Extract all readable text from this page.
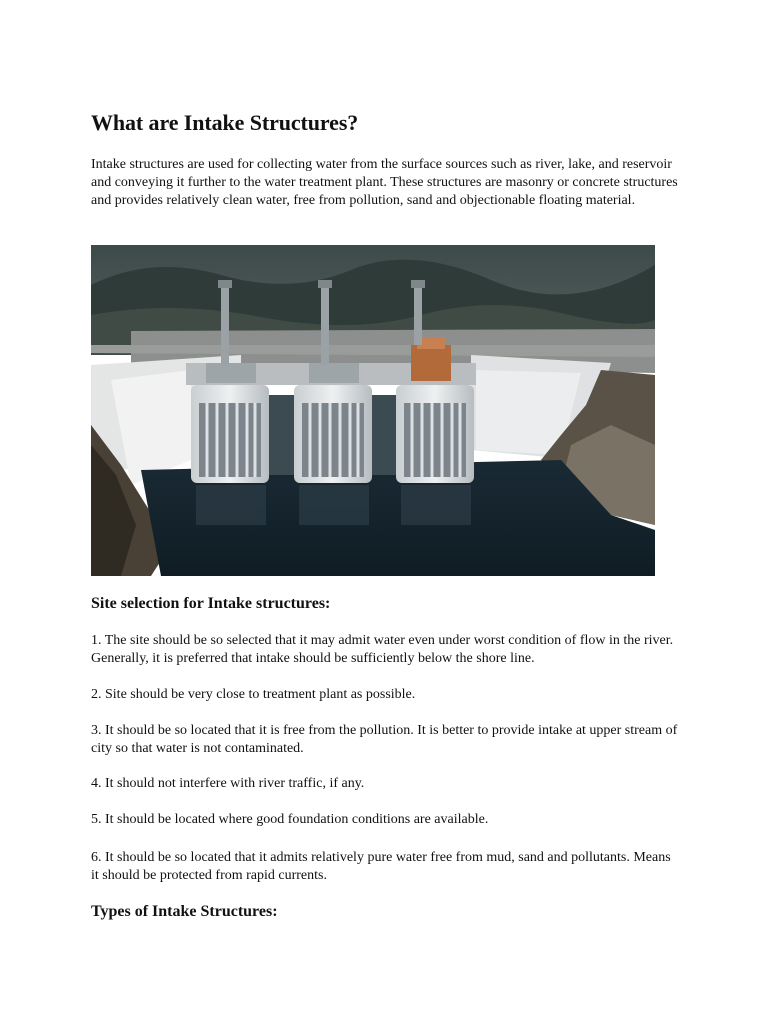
What are Intake Structures?
Intake structures are used for collecting water from the surface sources such as river, lake, and reservoir and conveying it further to the water treatment plant. These structures are masonry or concrete structures and provides relatively clean water, free from pollution, sand and objectionable floating material.
Site selection for Intake structures:
1. The site should be so selected that it may admit water even under worst condition of flow in the river. Generally, it is preferred that intake should be sufficiently below the shore line.
2. Site should be very close to treatment plant as possible.
3. It should be so located that it is free from the pollution. It is better to provide intake at upper stream of city so that water is not contaminated.
4. It should not interfere with river traffic, if any.
5. It should be located where good foundation conditions are available.
6. It should be so located that it admits relatively pure water free from mud, sand and pollutants. Means it should be protected from rapid currents.
Types of Intake Structures:
